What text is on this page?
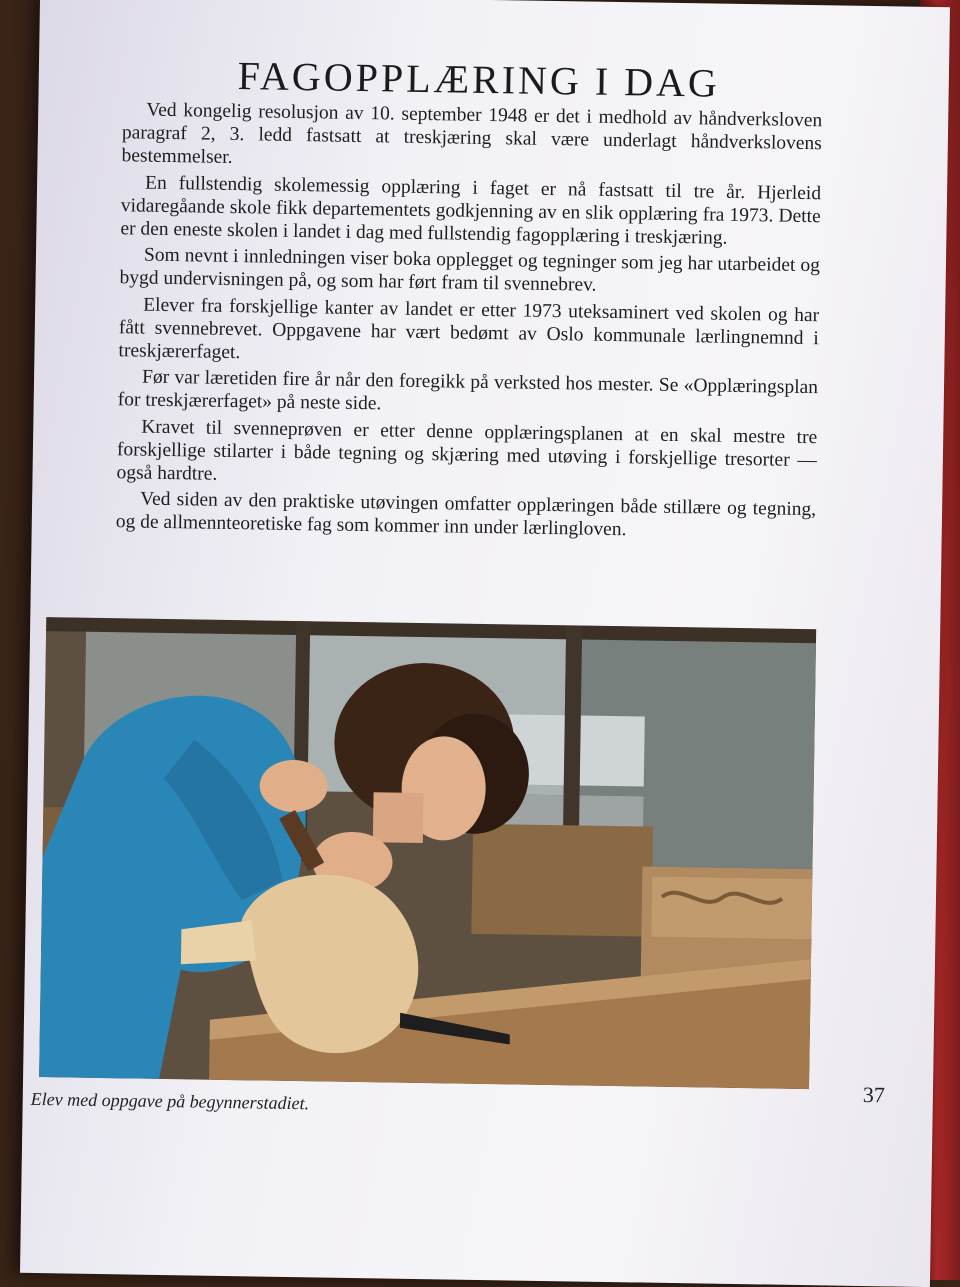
FAGOPPLÆRING I DAG

Ved kongelig resolusjon av 10. september 1948 er det i medhold av håndverksloven paragraf 2, 3. ledd fastsatt at treskjæring skal være underlagt håndverkslovens bestemmelser.

En fullstendig skolemessig opplæring i faget er nå fastsatt til tre år. Hjerleid vidaregåande skole fikk departementets godkjenning av en slik opplæring fra 1973. Dette er den eneste skolen i landet i dag med fullstendig fagopplæring i treskjæring.

Som nevnt i innledningen viser boka opplegget og tegninger som jeg har utarbeidet og bygd undervisningen på, og som har ført fram til svennebrev.

Elever fra forskjellige kanter av landet er etter 1973 uteksaminert ved skolen og har fått svennebrevet. Oppgavene har vært bedømt av Oslo kommunale lærlingnemnd i treskjærerfaget.

Før var læretiden fire år når den foregikk på verksted hos mester. Se «Opplæringsplan for treskjærerfaget» på neste side.

Kravet til svenneprøven er etter denne opplæringsplanen at en skal mestre tre forskjellige stilarter i både tegning og skjæring med utøving i forskjellige tresorter — også hardtre.

Ved siden av den praktiske utøvingen omfatter opplæringen både stillære og tegning, og de allmennteoretiske fag som kommer inn under lærlingloven.

Elev med oppgave på begynnerstadiet.	37
